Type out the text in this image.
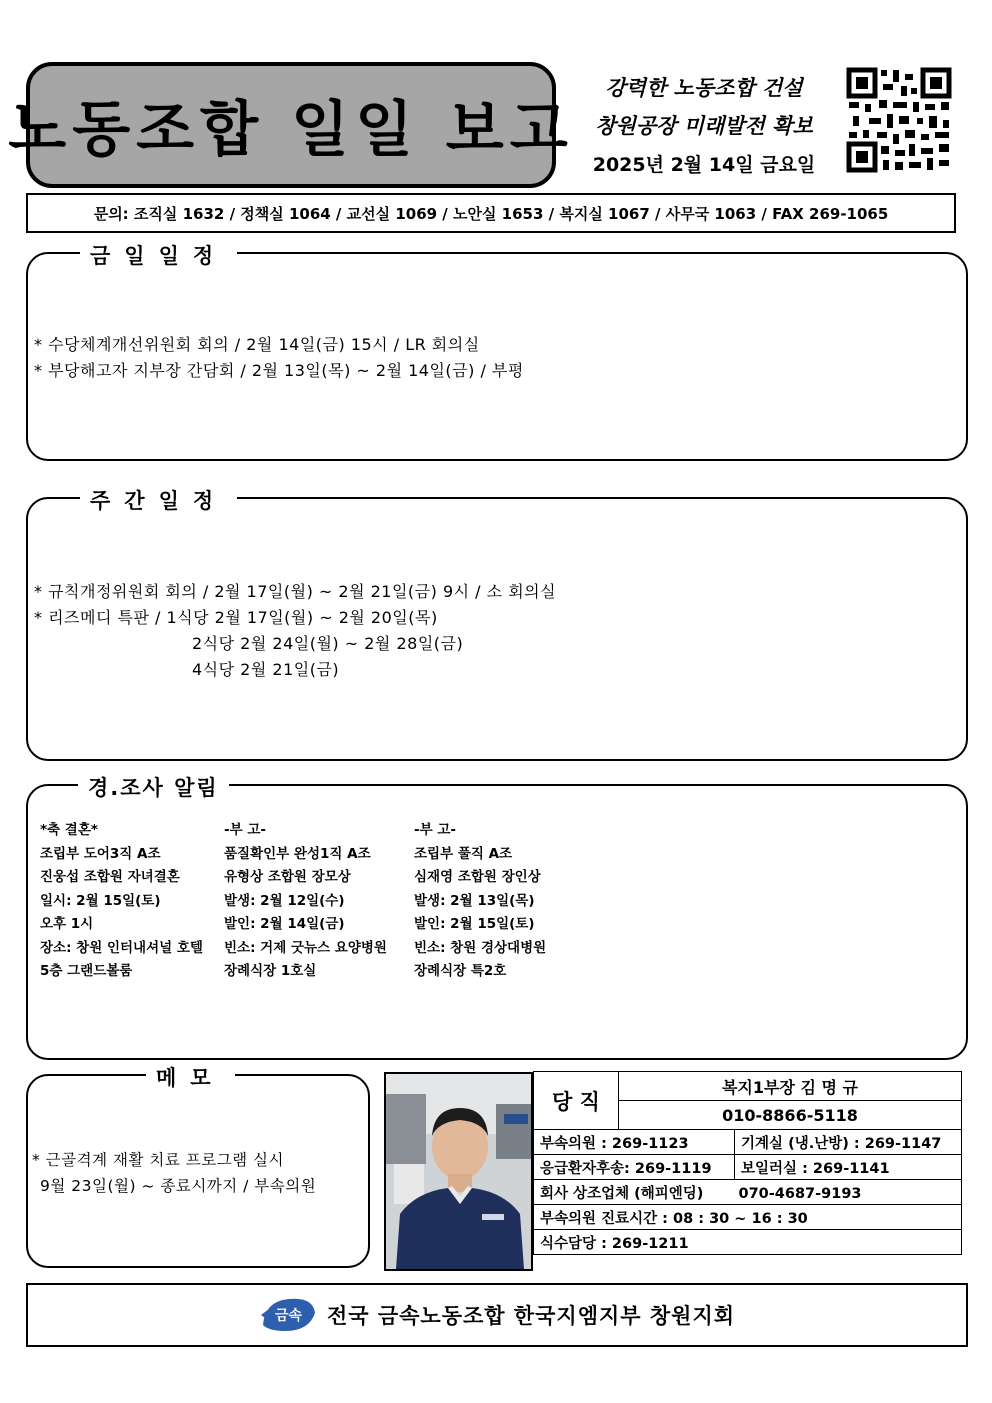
노동조합 일일 보고
강력한 노동조합 건설
창원공장 미래발전 확보
2025년 2월 14일 금요일
문의: 조직실 1632 / 정책실 1064 / 교선실 1069 / 노안실 1653 / 복지실 1067 / 사무국 1063 / FAX 269-1065
금일일정
* 수당체계개선위원회 회의 / 2월 14일(금) 15시 / LR 회의실
* 부당해고자 지부장 간담회 / 2월 13일(목) ~ 2월 14일(금) / 부평
주간일정
* 규칙개정위원회 회의 / 2월 17일(월) ~ 2월 21일(금) 9시 / 소 회의실
* 리즈메디 특판 / 1식당 2월 17일(월) ~ 2월 20일(목)
2식당 2월 24일(월) ~ 2월 28일(금)
4식당 2월 21일(금)
경.조사 알림
*축 결혼*
조립부 도어3직 A조
진웅섭 조합원 자녀결혼
일시: 2월 15일(토)
오후 1시
장소: 창원 인터내셔널 호텔
5층 그랜드볼룸
-부 고-
품질확인부 완성1직 A조
유형상 조합원 장모상
발생: 2월 12일(수)
발인: 2월 14일(금)
빈소: 거제 굿뉴스 요양병원
장례식장 1호실
-부 고-
조립부 풀직 A조
심재영 조합원 장인상
발생: 2월 13일(목)
발인: 2월 15일(토)
빈소: 창원 경상대병원
장례식장 특2호
메모
* 근골격계 재활 치료 프로그램 실시
9월 23일(월) ~ 종료시까지 / 부속의원
당 직	복지1부장 김 명 규	
	010-8866-5118	
부속의원 : 269-1123		기계실 (냉.난방) : 269-1147
응급환자후송: 269-1119		보일러실 : 269-1141
회사 상조업체 (해피엔딩) 070-4687-9193		
부속의원 진료시간 : 08 : 30 ~ 16 : 30		
식수담당 : 269-1211		
금속 전국 금속노동조합 한국지엠지부 창원지회
